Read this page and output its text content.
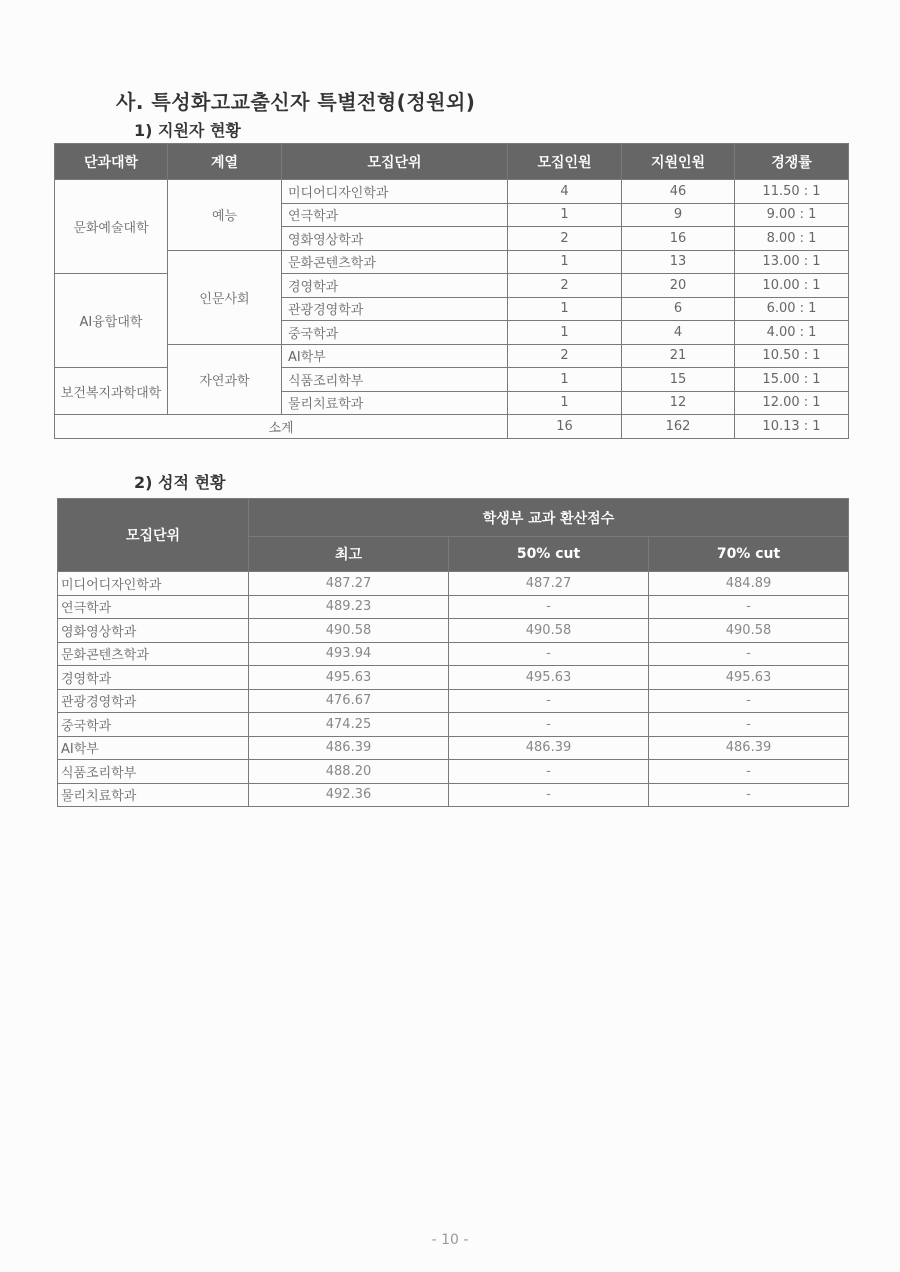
사. 특성화고교출신자 특별전형(정원외)
1) 지원자 현황
단과대학	계열	모집단위	모집인원	지원인원	경쟁률
문화예술대학	예능	미디어디자인학과	4	46	11.50 : 1
		연극학과	1	9	9.00 : 1
		영화영상학과	2	16	8.00 : 1
	인문사회	문화콘텐츠학과	1	13	13.00 : 1
AI융합대학		경영학과	2	20	10.00 : 1
		관광경영학과	1	6	6.00 : 1
		중국학과	1	4	4.00 : 1
	자연과학	AI학부	2	21	10.50 : 1
보건복지과학대학		식품조리학부	1	15	15.00 : 1
		물리치료학과	1	12	12.00 : 1
소계			16	162	10.13 : 1
2) 성적 현황
모집단위	학생부 교과 환산점수		
	최고	50% cut	70% cut
미디어디자인학과	487.27	487.27	484.89
연극학과	489.23	-	-
영화영상학과	490.58	490.58	490.58
문화콘텐츠학과	493.94	-	-
경영학과	495.63	495.63	495.63
관광경영학과	476.67	-	-
중국학과	474.25	-	-
AI학부	486.39	486.39	486.39
식품조리학부	488.20	-	-
물리치료학과	492.36	-	-
- 10 -
